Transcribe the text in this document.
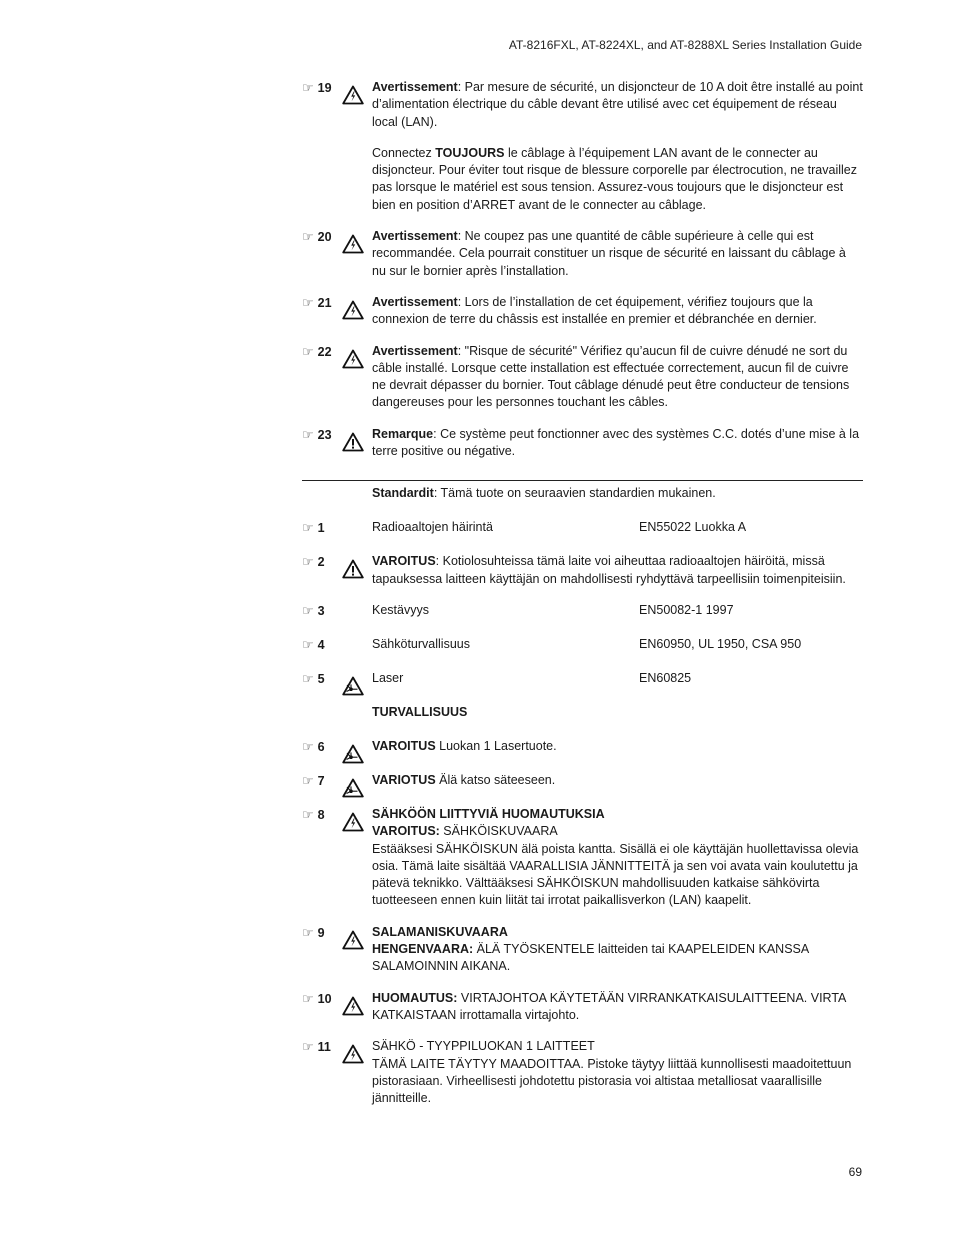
AT-8216FXL, AT-8224XL, and AT-8288XL Series Installation Guide
☞ 19	Avertissement: Par mesure de sécurité, un disjoncteur de 10 A doit être installé au point d’alimentation électrique du câble devant être utilisé avec cet équipement de réseau local (LAN).

Connectez TOUJOURS le câblage à l’équipement LAN avant de le connecter au disjoncteur. Pour éviter tout risque de blessure corporelle par électrocution, ne travaillez pas lorsque le matériel est sous tension. Assurez-vous toujours que le disjoncteur est bien en position d’ARRET avant de le connecter au câblage.

☞ 20	Avertissement: Ne coupez pas une quantité de câble supérieure à celle qui est recommandée. Cela pourrait constituer un risque de sécurité en laissant du câblage à nu sur le bornier après l’installation.

☞ 21	Avertissement: Lors de l’installation de cet équipement, vérifiez toujours que la connexion de terre du châssis est installée en premier et débranchée en dernier.

☞ 22	Avertissement: "Risque de sécurité" Vérifiez qu’aucun fil de cuivre dénudé ne sort du câble installé. Lorsque cette installation est effectuée correctement, aucun fil de cuivre ne devrait dépasser du bornier. Tout câblage dénudé peut être conducteur de tensions dangereuses pour les personnes touchant les câbles.

☞ 23	Remarque: Ce système peut fonctionner avec des systèmes C.C. dotés d’une mise à la terre positive ou négative.

Standardit: Tämä tuote on seuraavien standardien mukainen.
☞ 1	Radioaaltojen häirintä	EN55022 Luokka A
☞ 2	VAROITUS: Kotiolosuhteissa tämä laite voi aiheuttaa radioaaltojen häiröitä, missä tapauksessa laitteen käyttäjän on mahdollisesti ryhdyttävä tarpeellisiin toimenpiteisiin.

☞ 3	Kestävyys	EN50082-1 1997
☞ 4	Sähköturvallisuus	EN60950, UL 1950, CSA 950
☞ 5	Laser	EN60825
TURVALLISUUS
☞ 6	VAROITUS Luokan 1 Lasertuote.

☞ 7	VARIOTUS Älä katso säteeseen.

☞ 8	SÄHKÖÖN LIITTYVIÄ HUOMAUTUKSIA
VAROITUS: SÄHKÖISKUVAARA
Estääksesi SÄHKÖISKUN älä poista kantta. Sisällä ei ole käyttäjän huollettavissa olevia osia. Tämä laite sisältää VAARALLISIA JÄNNITTEITÄ ja sen voi avata vain koulutettu ja pätevä teknikko. Välttääksesi SÄHKÖISKUN mahdollisuuden katkaise sähkövirta tuotteeseen ennen kuin liität tai irrotat paikallisverkon (LAN) kaapelit.

☞ 9	SALAMANISKUVAARA
HENGENVAARA: ÄLÄ TYÖSKENTELE laitteiden tai KAAPELEIDEN KANSSA SALAMOINNIN AIKANA.

☞ 10	HUOMAUTUS: VIRTAJOHTOA KÄYTETÄÄN VIRRANKATKAISULAITTEENA. VIRTA KATKAISTAAN irrottamalla virtajohto.

☞ 11	SÄHKÖ - TYYPPILUOKAN 1 LAITTEET
TÄMÄ LAITE TÄYTYY MAADOITTAA. Pistoke täytyy liittää kunnollisesti maadoitettuun pistorasiaan. Virheellisesti johdotettu pistorasia voi altistaa metalliosat vaarallisille jännitteille.

69
